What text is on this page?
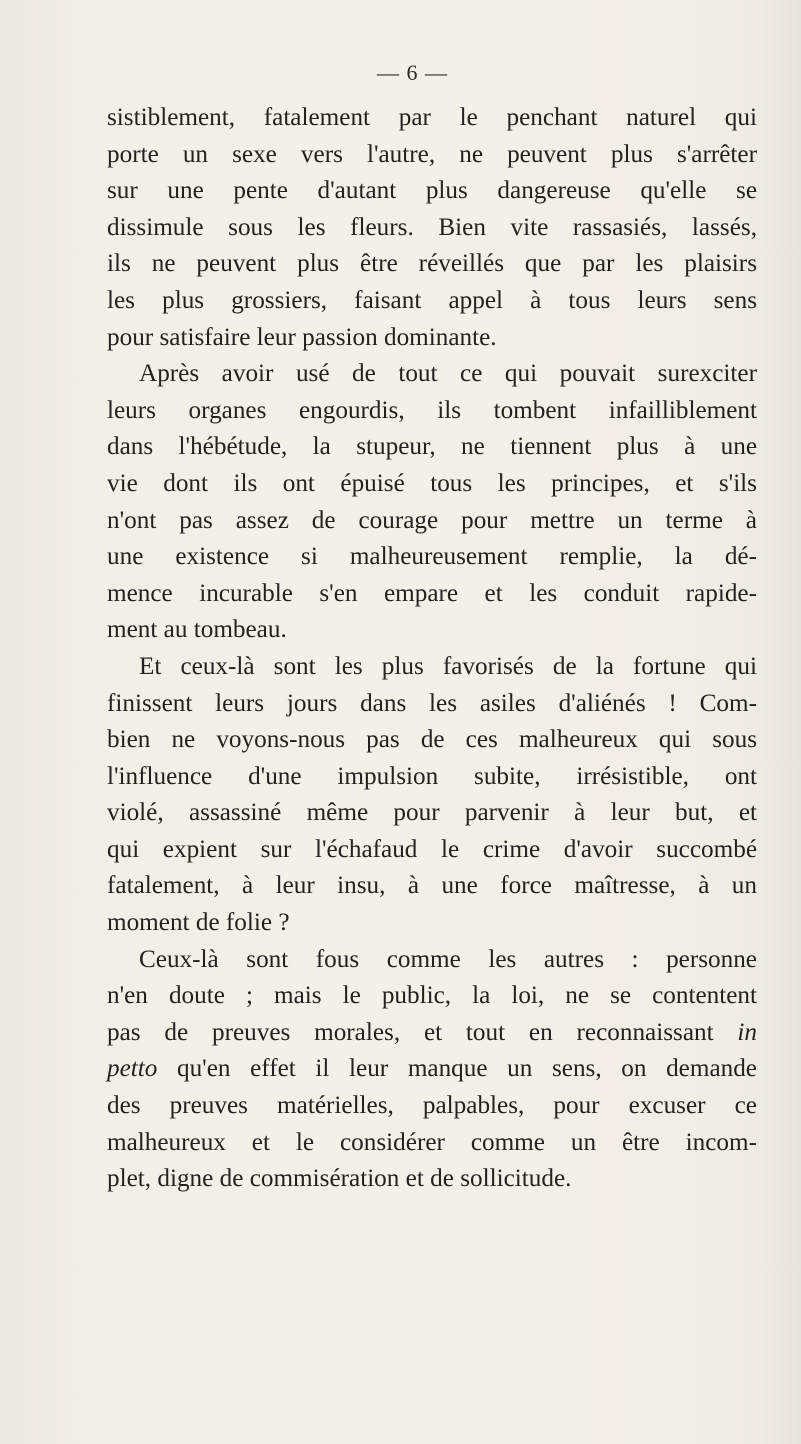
— 6 —
sistiblement, fatalement par le penchant naturel qui
porte un sexe vers l'autre, ne peuvent plus s'arrêter
sur une pente d'autant plus dangereuse qu'elle se
dissimule sous les fleurs. Bien vite rassasiés, lassés,
ils ne peuvent plus être réveillés que par les plaisirs
les plus grossiers, faisant appel à tous leurs sens
pour satisfaire leur passion dominante.
Après avoir usé de tout ce qui pouvait surexciter
leurs organes engourdis, ils tombent infailliblement
dans l'hébétude, la stupeur, ne tiennent plus à une
vie dont ils ont épuisé tous les principes, et s'ils
n'ont pas assez de courage pour mettre un terme à
une existence si malheureusement remplie, la dé-
mence incurable s'en empare et les conduit rapide-
ment au tombeau.
Et ceux-là sont les plus favorisés de la fortune qui
finissent leurs jours dans les asiles d'aliénés ! Com-
bien ne voyons-nous pas de ces malheureux qui sous
l'influence d'une impulsion subite, irrésistible, ont
violé, assassiné même pour parvenir à leur but, et
qui expient sur l'échafaud le crime d'avoir succombé
fatalement, à leur insu, à une force maîtresse, à un
moment de folie ?
Ceux-là sont fous comme les autres : personne
n'en doute ; mais le public, la loi, ne se contentent
pas de preuves morales, et tout en reconnaissant in
petto qu'en effet il leur manque un sens, on demande
des preuves matérielles, palpables, pour excuser ce
malheureux et le considérer comme un être incom-
plet, digne de commisération et de sollicitude.
